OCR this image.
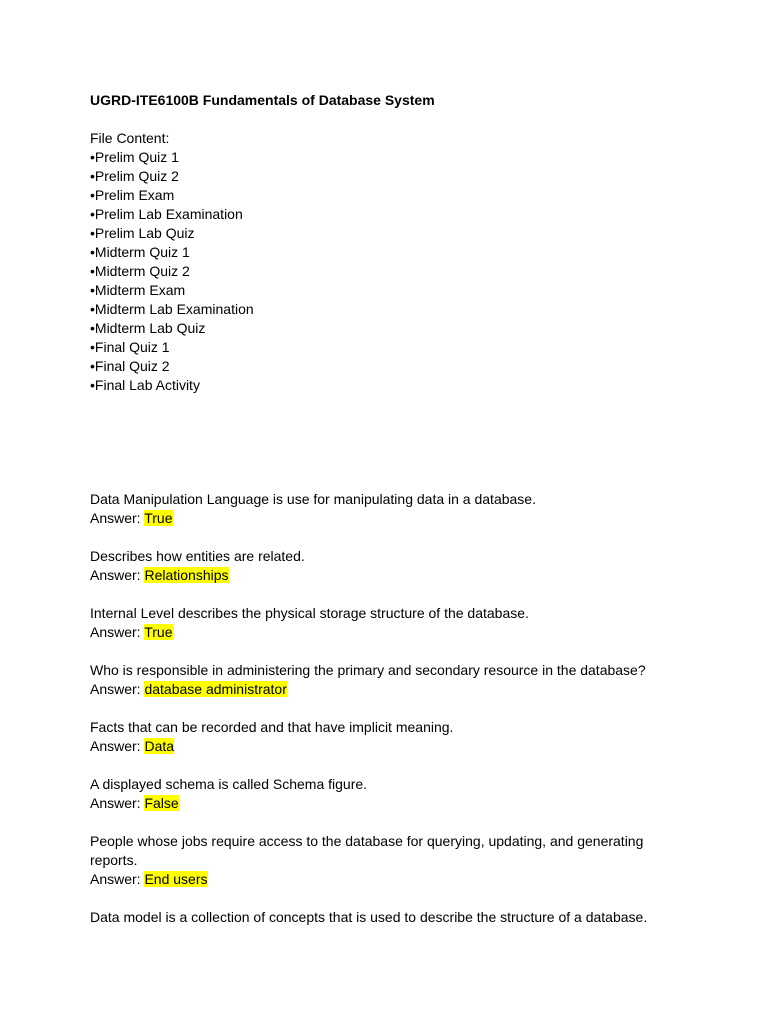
UGRD-ITE6100B Fundamentals of Database System
File Content:
•Prelim Quiz 1
•Prelim Quiz 2
•Prelim Exam
•Prelim Lab Examination
•Prelim Lab Quiz
•Midterm Quiz 1
•Midterm Quiz 2
•Midterm Exam
•Midterm Lab Examination
•Midterm Lab Quiz
•Final Quiz 1
•Final Quiz 2
•Final Lab Activity
Data Manipulation Language is use for manipulating data in a database.
Answer: True
Describes how entities are related.
Answer: Relationships
Internal Level describes the physical storage structure of the database.
Answer: True
Who is responsible in administering the primary and secondary resource in the database?
Answer: database administrator
Facts that can be recorded and that have implicit meaning.
Answer: Data
A displayed schema is called Schema figure.
Answer: False
People whose jobs require access to the database for querying, updating, and generating reports.
Answer: End users
Data model is a collection of concepts that is used to describe the structure of a database.
